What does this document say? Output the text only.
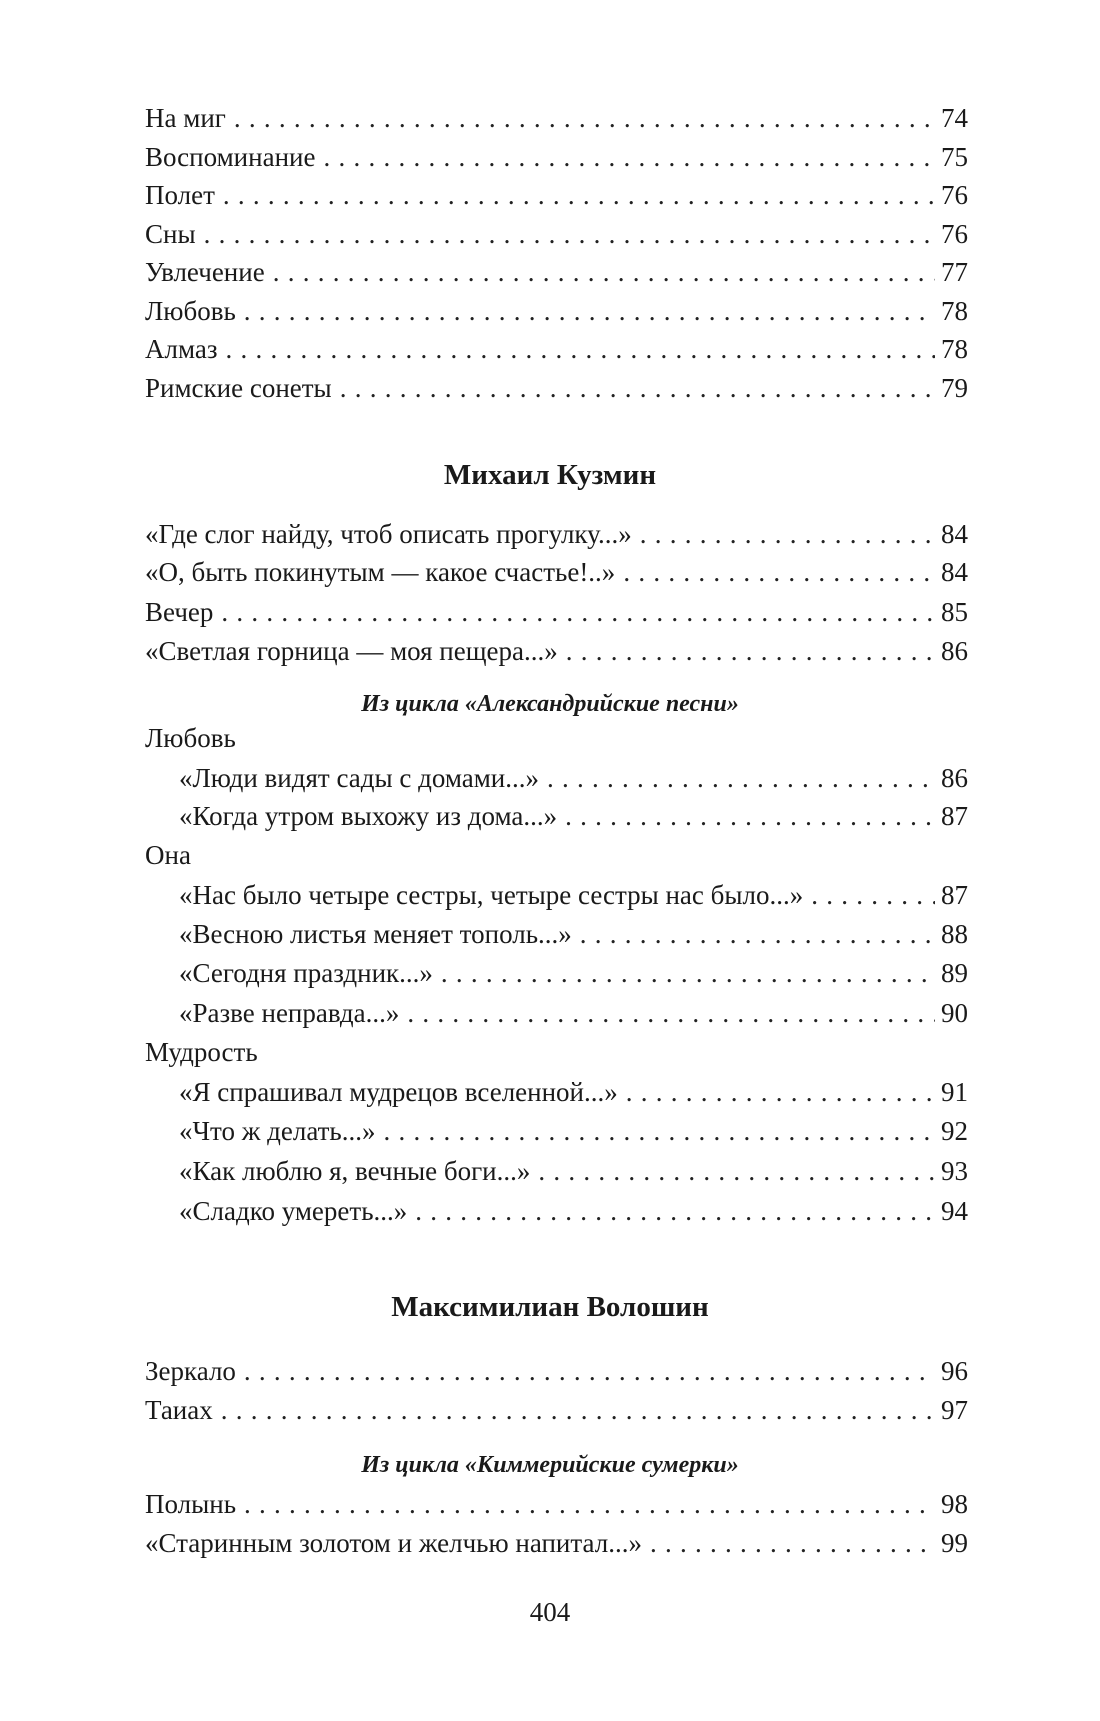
На миг . . .	74
Воспоминание . . .	75
Полет . . .	76
Сны . . .	76
Увлечение . . .	77
Любовь . . .	78
Алмаз . . .	78
Римские сонеты . . .	79
Михаил Кузмин
«Где слог найду, чтоб описать прогулку...» . . .	84
«О, быть покинутым — какое счастье!..» . . .	84
Вечер . . .	85
«Светлая горница — моя пещера...» . . .	86
Из цикла «Александрийские песни»
Любовь
«Люди видят сады с домами...» . . .	86
«Когда утром выхожу из дома...» . . .	87
Она
«Нас было четыре сестры, четыре сестры нас было...» . . .	87
«Весною листья меняет тополь...» . . .	88
«Сегодня праздник...» . . .	89
«Разве неправда...» . . .	90
Мудрость
«Я спрашивал мудрецов вселенной...» . . .	91
«Что ж делать...» . . .	92
«Как люблю я, вечные боги...» . . .	93
«Сладко умереть...» . . .	94
Максимилиан Волошин
Зеркало . . .	96
Таиах . . .	97
Из цикла «Киммерийские сумерки»
Полынь . . .	98
«Старинным золотом и желчью напитал...» . . .	99
404
